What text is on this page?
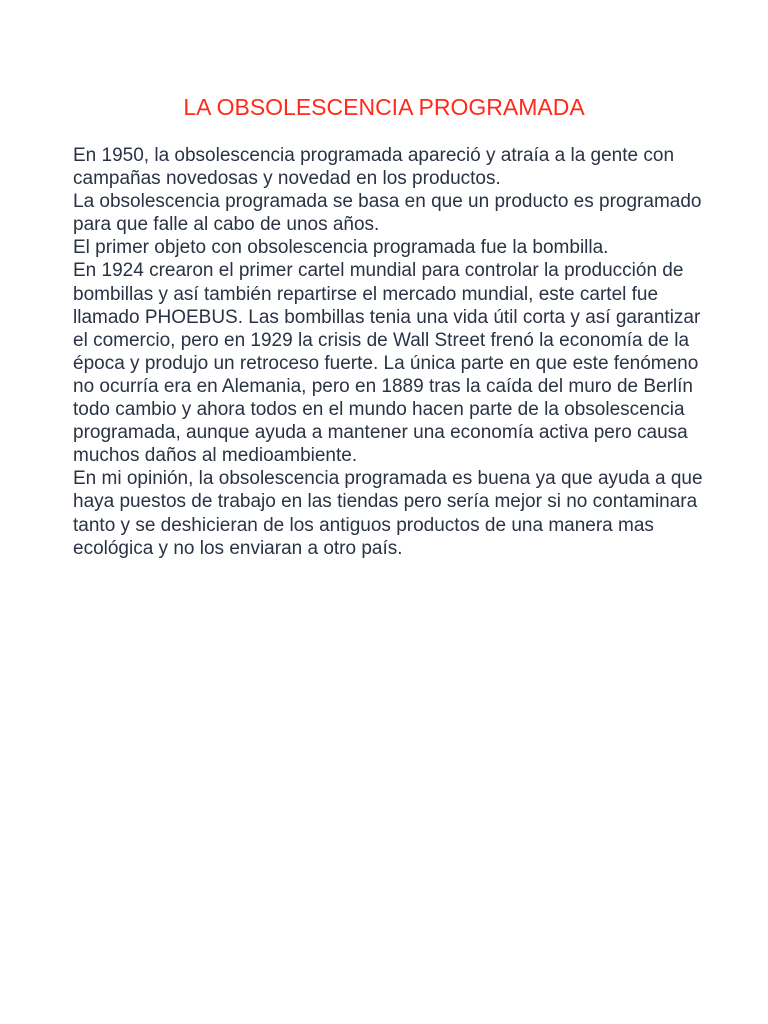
LA OBSOLESCENCIA PROGRAMADA

En 1950, la obsolescencia programada apareció y atraía a la gente con campañas novedosas y novedad en los productos.

La obsolescencia programada se basa en que un producto es programado para que falle al cabo de unos años.

El primer objeto con obsolescencia programada fue la bombilla.

En 1924 crearon el primer cartel mundial para controlar la producción de bombillas y así también repartirse el mercado mundial, este cartel fue llamado PHOEBUS. Las bombillas tenia una vida útil corta y así garantizar el comercio, pero en 1929 la crisis de Wall Street frenó la economía de la época y produjo un retroceso fuerte. La única parte en que este fenómeno no ocurría era en Alemania, pero en 1889 tras la caída del muro de Berlín todo cambio y ahora todos en el mundo hacen parte de la obsolescencia programada, aunque ayuda a mantener una economía activa pero causa muchos daños al medioambiente.

En mi opinión, la obsolescencia programada es buena ya que ayuda a que haya puestos de trabajo en las tiendas pero sería mejor si no contaminara tanto y se deshicieran de los antiguos productos de una manera mas ecológica y no los enviaran a otro país.
